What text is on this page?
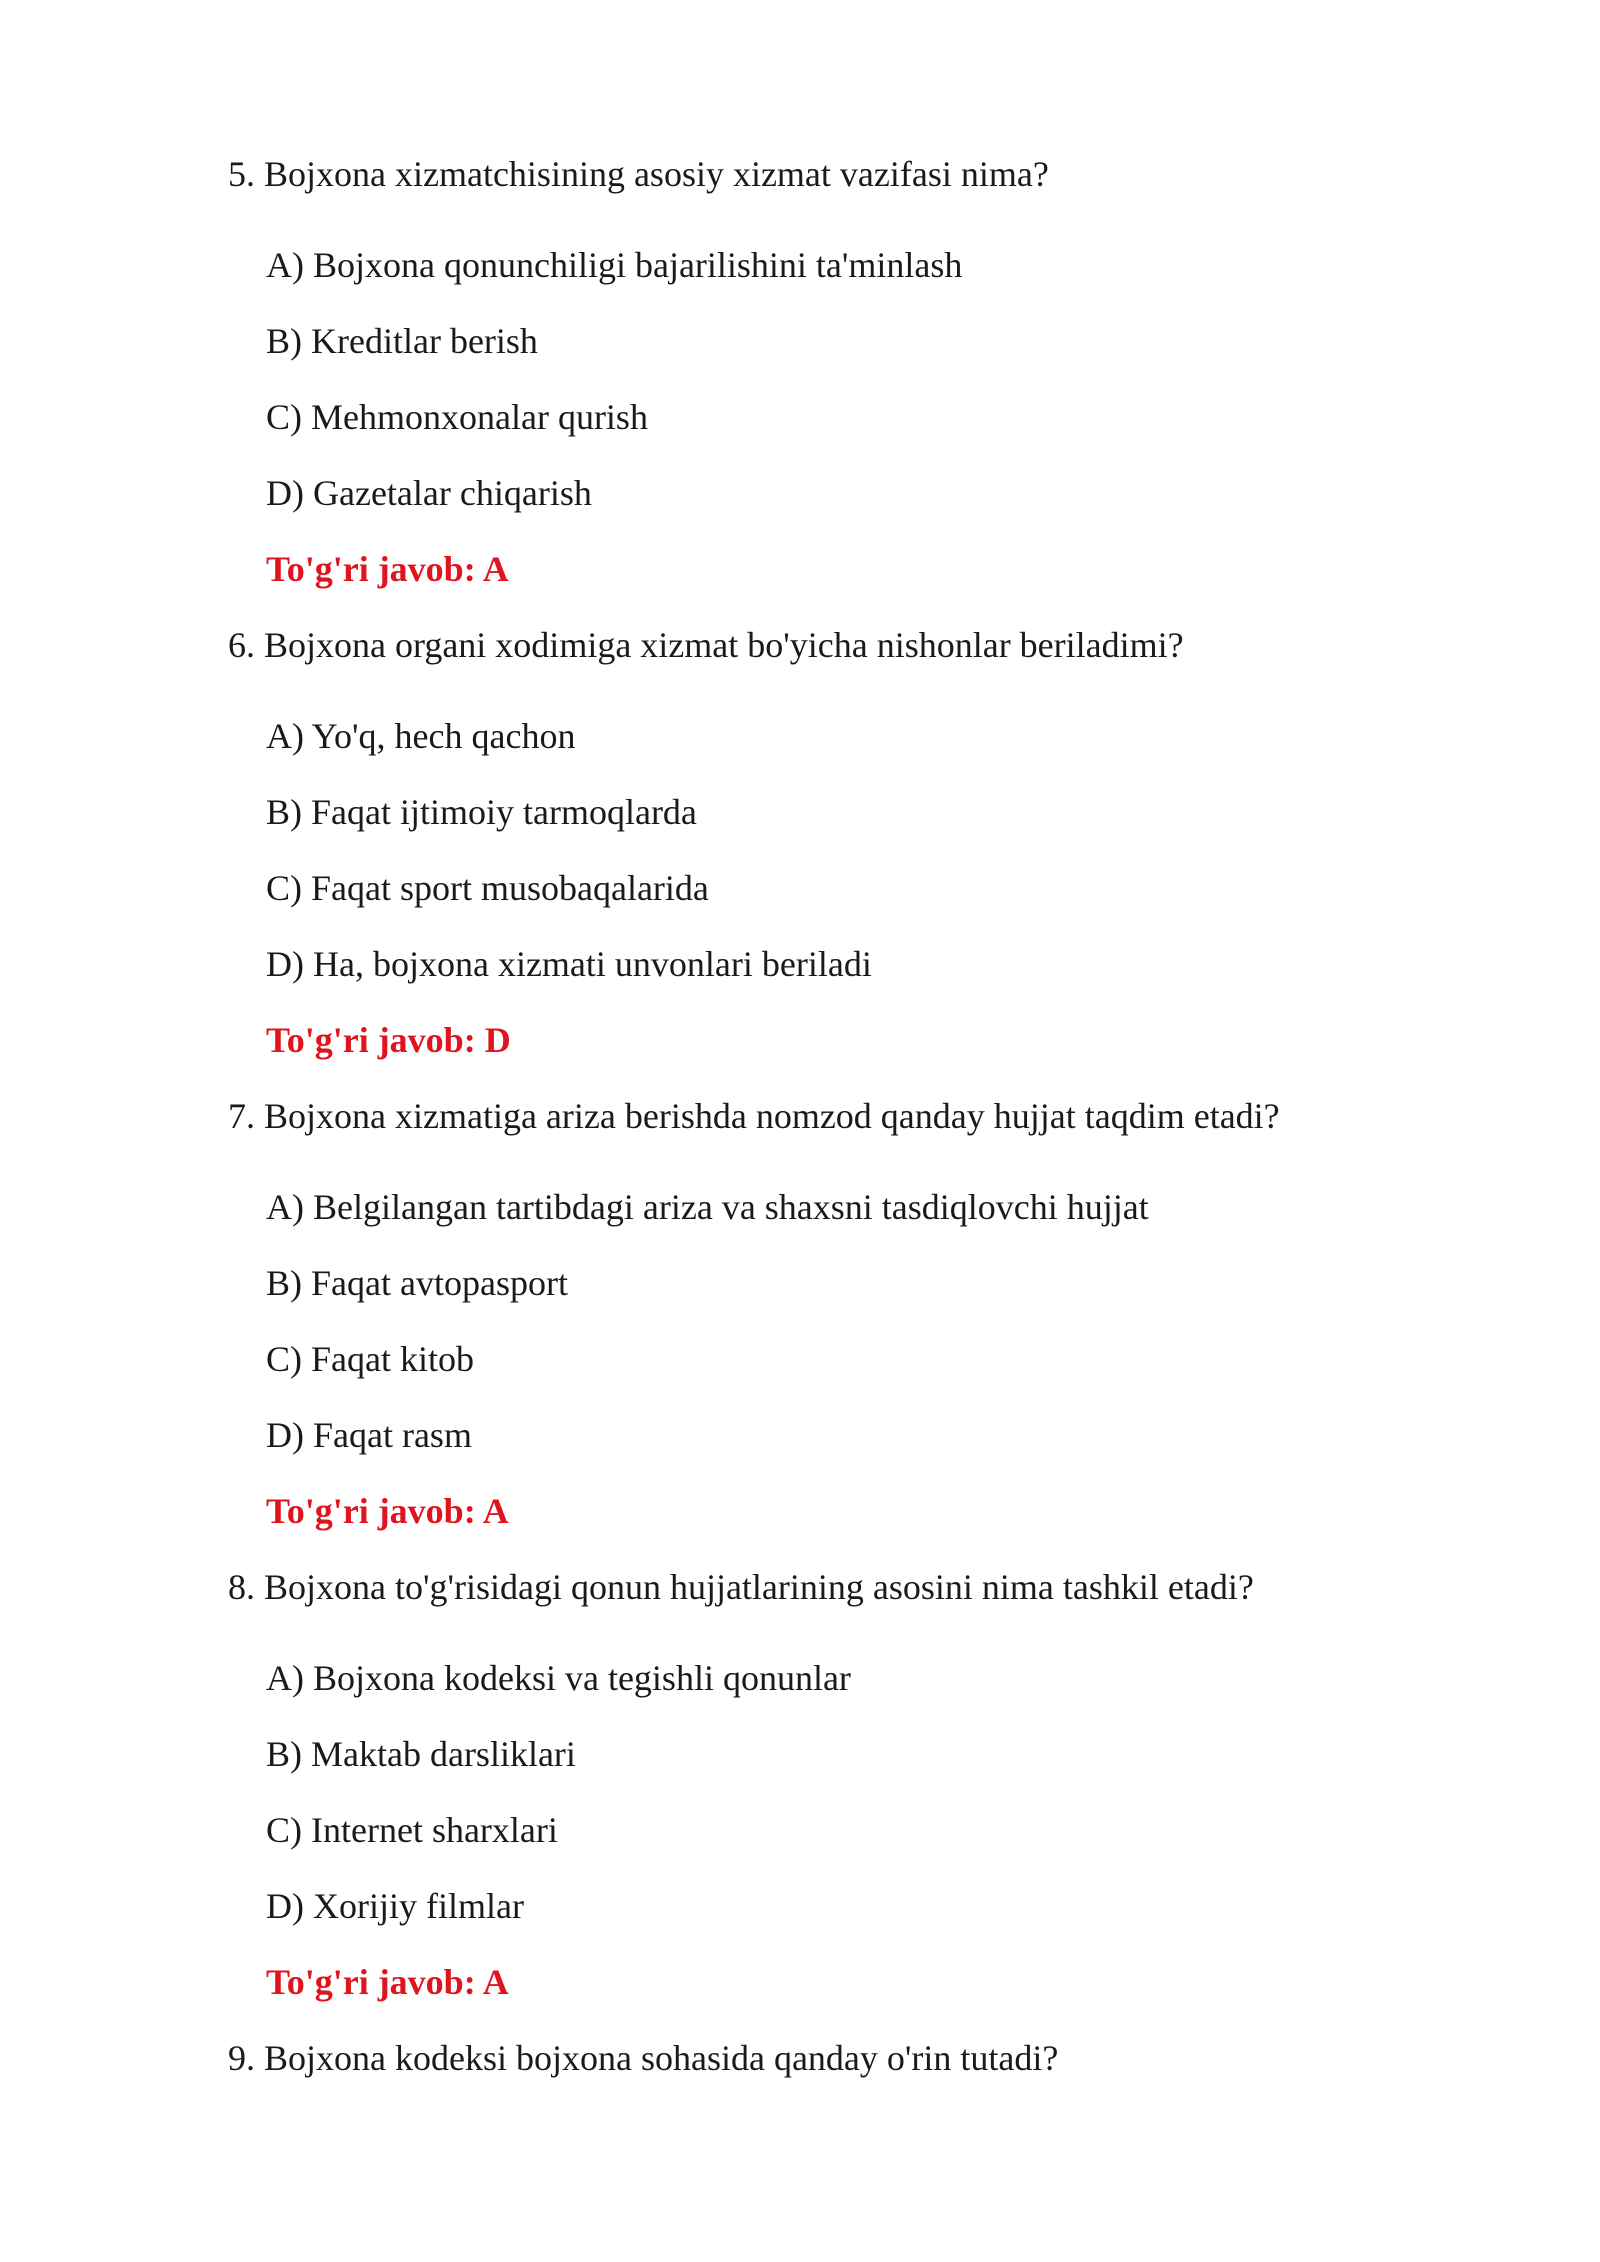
5. Bojxona xizmatchisining asosiy xizmat vazifasi nima?
A) Bojxona qonunchiligi bajarilishini ta'minlash
B) Kreditlar berish
C) Mehmonxonalar qurish
D) Gazetalar chiqarish
To'g'ri javob: A
6. Bojxona organi xodimiga xizmat bo'yicha nishonlar beriladimi?
A) Yo'q, hech qachon
B) Faqat ijtimoiy tarmoqlarda
C) Faqat sport musobaqalarida
D) Ha, bojxona xizmati unvonlari beriladi
To'g'ri javob: D
7. Bojxona xizmatiga ariza berishda nomzod qanday hujjat taqdim etadi?
A) Belgilangan tartibdagi ariza va shaxsni tasdiqlovchi hujjat
B) Faqat avtopasport
C) Faqat kitob
D) Faqat rasm
To'g'ri javob: A
8. Bojxona to'g'risidagi qonun hujjatlarining asosini nima tashkil etadi?
A) Bojxona kodeksi va tegishli qonunlar
B) Maktab darsliklari
C) Internet sharxlari
D) Xorijiy filmlar
To'g'ri javob: A
9. Bojxona kodeksi bojxona sohasida qanday o'rin tutadi?
